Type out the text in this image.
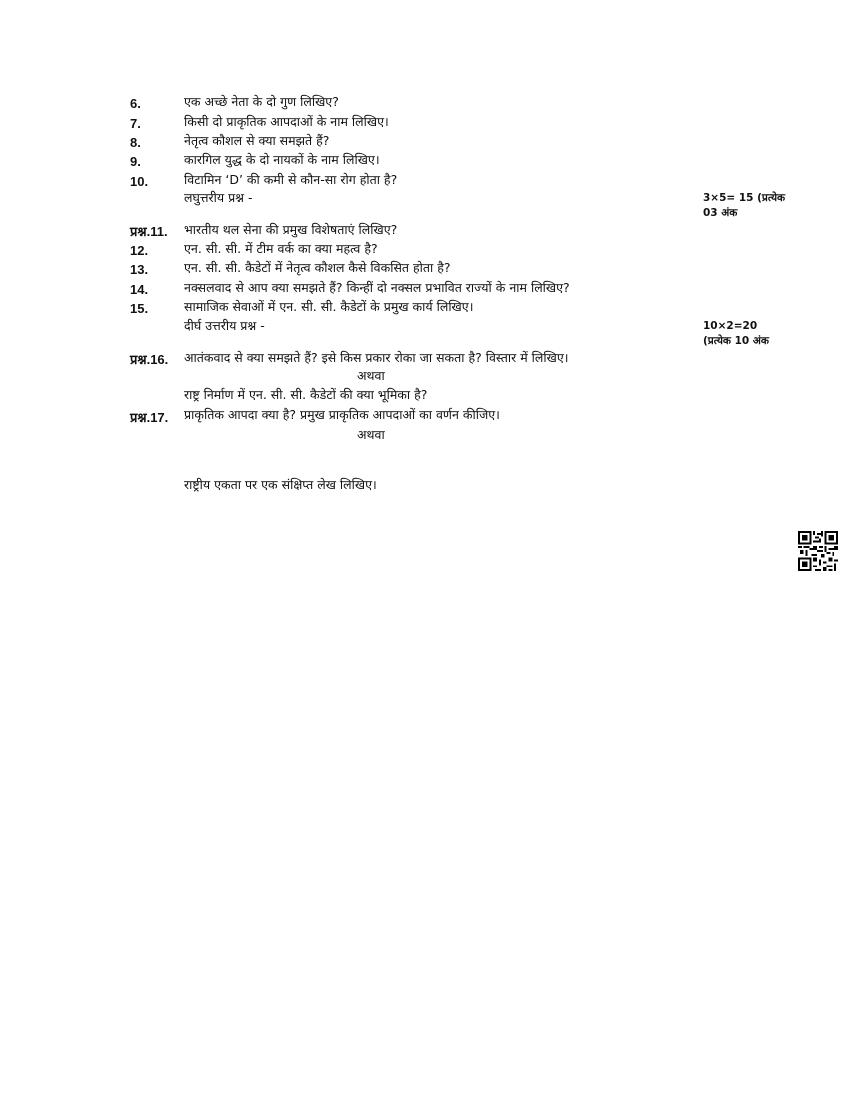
6.	एक अच्छे नेता के दो गुण लिखिए?
7.	किसी दो प्राकृतिक आपदाओं के नाम लिखिए।
8.	नेतृत्व कौशल से क्या समझते हैं?
9.	कारगिल युद्ध के दो नायकों के नाम लिखिए।
10.	विटामिन ‘D’ की कमी से कौन-सा रोग होता है?
लघुत्तरीय प्रश्न -	3×5= 15 (प्रत्येक
03 अंक
प्रश्न.11. भारतीय थल सेना की प्रमुख विशेषताएं लिखिए?
12.	एन. सी. सी. में टीम वर्क का क्या महत्व है?
13.	एन. सी. सी. कैडेटों में नेतृत्व कौशल कैसे विकसित होता है?
14.	नक्सलवाद से आप क्या समझते हैं? किन्हीं दो नक्सल प्रभावित राज्यों के नाम लिखिए?
15.	सामाजिक सेवाओं में एन. सी. सी. कैडेटों के प्रमुख कार्य लिखिए।
दीर्घ उत्तरीय प्रश्न -	10×2=20
(प्रत्येक 10 अंक
प्रश्न.16. आतंकवाद से क्या समझते हैं? इसे किस प्रकार रोका जा सकता है? विस्तार में लिखिए।
अथवा
राष्ट्र निर्माण में एन. सी. सी. कैडेटों की क्या भूमिका है?
प्रश्न.17. प्राकृतिक आपदा क्या है? प्रमुख प्राकृतिक आपदाओं का वर्णन कीजिए।
अथवा
राष्ट्रीय एकता पर एक संक्षिप्त लेख लिखिए।
